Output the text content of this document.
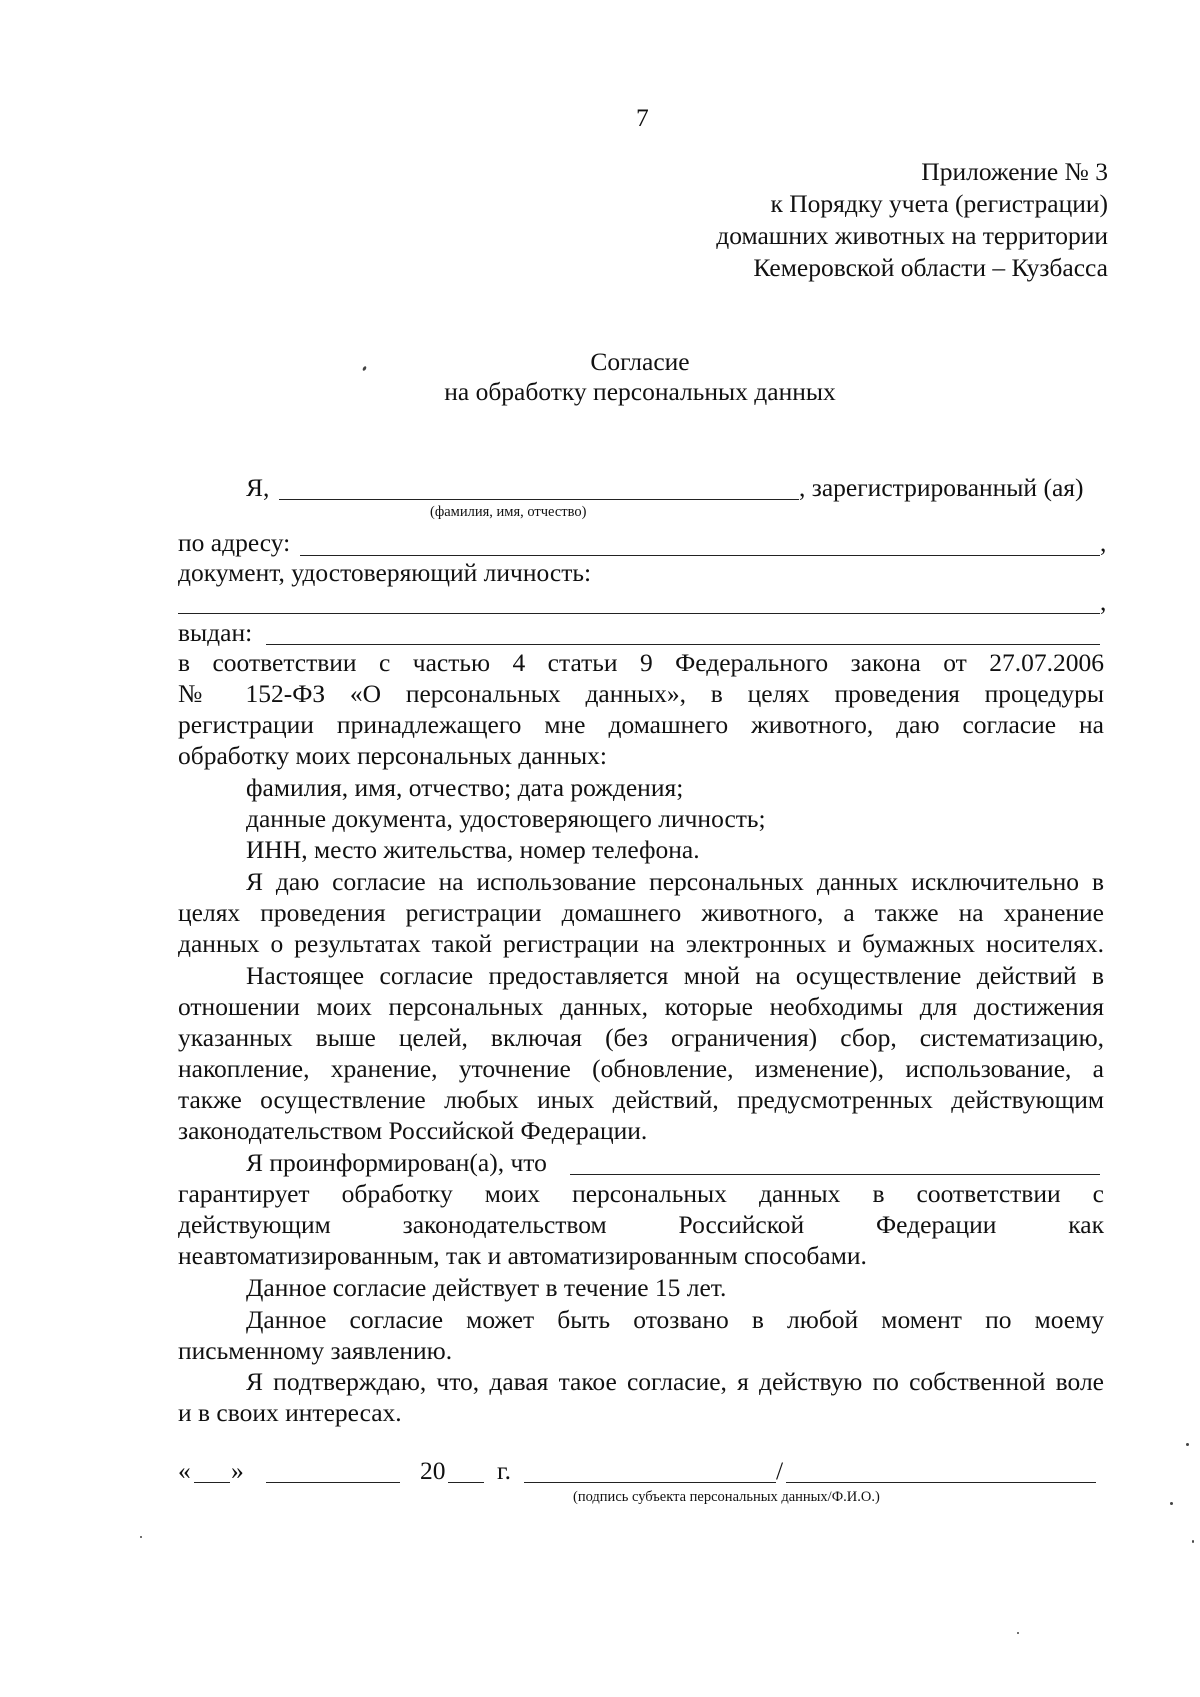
7
Приложение № 3
к Порядку учета (регистрации)
домашних животных на территории
Кемеровской области – Кузбасса
Согласие
на обработку персональных данных
Я,	, зарегистрированный (ая)
(фамилия, имя, отчество)
по адресу:	,
документ, удостоверяющий личность:
,
выдан:
в соответствии с частью 4 статьи 9 Федерального закона от 27.07.2006
№ 152-ФЗ «О персональных данных», в целях проведения процедуры
регистрации принадлежащего мне домашнего животного, даю согласие на
обработку моих персональных данных:
фамилия, имя, отчество; дата рождения;
данные документа, удостоверяющего личность;
ИНН, место жительства, номер телефона.
Я даю согласие на использование персональных данных исключительно в
целях проведения регистрации домашнего животного, а также на хранение
данных о результатах такой регистрации на электронных и бумажных носителях.
Настоящее согласие предоставляется мной на осуществление действий в
отношении моих персональных данных, которые необходимы для достижения
указанных выше целей, включая (без ограничения) сбор, систематизацию,
накопление, хранение, уточнение (обновление, изменение), использование, а
также осуществление любых иных действий, предусмотренных действующим
законодательством Российской Федерации.
Я проинформирован(а), что
гарантирует обработку моих персональных данных в соответствии с
действующим законодательством Российской Федерации как
неавтоматизированным, так и автоматизированным способами.
Данное согласие действует в течение 15 лет.
Данное согласие может быть отозвано в любой момент по моему
письменному заявлению.
Я подтверждаю, что, давая такое согласие, я действую по собственной воле
и в своих интересах.
« »	20 г.	/
(подпись субъекта персональных данных/Ф.И.О.)
